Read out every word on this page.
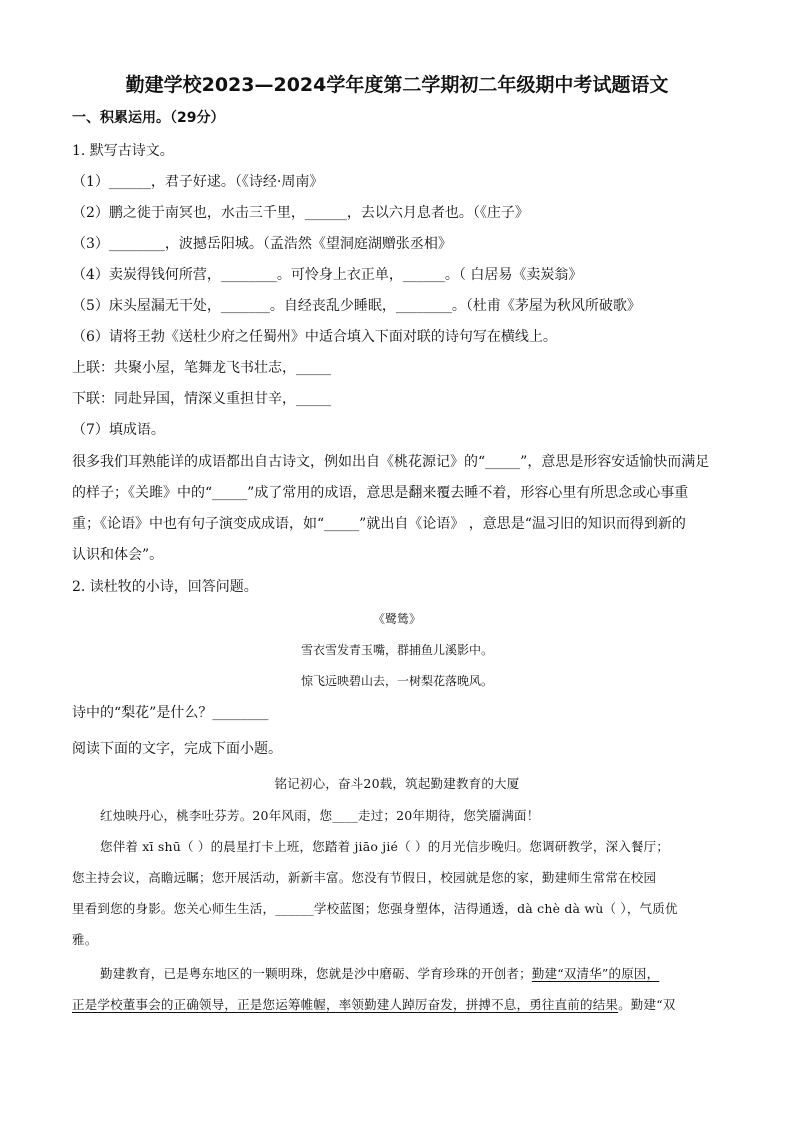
勤建学校2023—2024学年度第二学期初二年级期中考试题语文
一、积累运用。（29分）
1. 默写古诗文。
（1）______，君子好逑。（《诗经·周南》
（2）鹏之徙于南冥也，水击三千里，______，去以六月息者也。（《庄子》
（3）________，波撼岳阳城。（孟浩然《望洞庭湖赠张丞相》
（4）卖炭得钱何所营，________。可怜身上衣正单，______。（ 白居易《卖炭翁》
（5）床头屋漏无干处，_______。自经丧乱少睡眠，________。（杜甫《茅屋为秋风所破歌》
（6）请将王勃《送杜少府之任蜀州》中适合填入下面对联的诗句写在横线上。
上联：共聚小屋，笔舞龙飞书壮志，_____
下联：同赴异国，情深义重担甘辛，_____
（7）填成语。
很多我们耳熟能详的成语都出自古诗文，例如出自《桃花源记》的“_____”，意思是形容安适愉快而满足
的样子；《关雎》中的“_____”成了常用的成语，意思是翻来覆去睡不着，形容心里有所思念或心事重
重；《论语》中也有句子演变成成语，如“_____”就出自《论语》 ，意思是“温习旧的知识而得到新的
认识和体会”。
2. 读杜牧的小诗，回答问题。
《鹭鸶》
雪衣雪发青玉嘴，群捕鱼儿溪影中。
惊飞远映碧山去，一树梨花落晚风。
诗中的“梨花”是什么？________
阅读下面的文字，完成下面小题。
铭记初心，奋斗20载，筑起勤建教育的大厦
红烛映丹心，桃李吐芬芳。20年风雨，您____走过；20年期待，您笑靥满面！
您伴着 xī shū（ ）的晨星打卡上班，您踏着 jiāo jié（ ）的月光信步晚归。您调研教学，深入餐厅；
您主持会议，高瞻远瞩；您开展活动，新新丰富。您没有节假日，校园就是您的家，勤建师生常常在校园
里看到您的身影。您关心师生生活，______学校蓝图；您强身塑体，洁得通透，dà chè dà wù（ ），气质优
雅。
勤建教育，已是粤东地区的一颗明珠，您就是沙中磨砺、学育珍珠的开创者；勤建“双清华”的原因，
正是学校董事会的正确领导，正是您运筹帷幄，率领勤建人踔厉奋发，拼搏不息，勇往直前的结果。勤建“双
